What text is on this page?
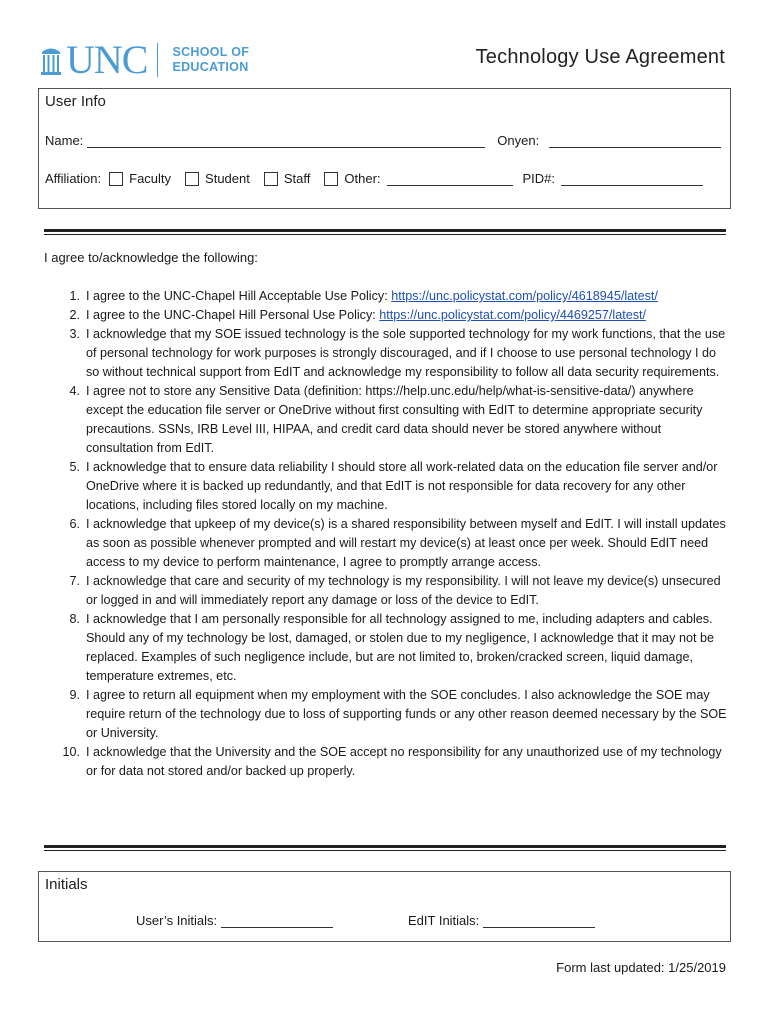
UNC SCHOOL OF
EDUCATION	Technology Use Agreement
User Info
Name:	Onyen:
Affiliation: Faculty	Student	Staff	Other:	PID#:
I agree to/acknowledge the following:
1. I agree to the UNC-Chapel Hill Acceptable Use Policy: https://unc.policystat.com/policy/4618945/latest/
2. I agree to the UNC-Chapel Hill Personal Use Policy: https://unc.policystat.com/policy/4469257/latest/
3. I acknowledge that my SOE issued technology is the sole supported technology for my work functions, that the use of personal technology for work purposes is strongly discouraged, and if I choose to use personal technology I do so without technical support from EdIT and acknowledge my responsibility to follow all data security requirements.
4. I agree not to store any Sensitive Data (definition: https://help.unc.edu/help/what-is-sensitive-data/) anywhere except the education file server or OneDrive without first consulting with EdIT to determine appropriate security precautions. SSNs, IRB Level III, HIPAA, and credit card data should never be stored anywhere without consultation from EdIT.
5. I acknowledge that to ensure data reliability I should store all work-related data on the education file server and/or OneDrive where it is backed up redundantly, and that EdIT is not responsible for data recovery for any other locations, including files stored locally on my machine.
6. I acknowledge that upkeep of my device(s) is a shared responsibility between myself and EdIT. I will install updates as soon as possible whenever prompted and will restart my device(s) at least once per week. Should EdIT need access to my device to perform maintenance, I agree to promptly arrange access.
7. I acknowledge that care and security of my technology is my responsibility. I will not leave my device(s) unsecured or logged in and will immediately report any damage or loss of the device to EdIT.
8. I acknowledge that I am personally responsible for all technology assigned to me, including adapters and cables. Should any of my technology be lost, damaged, or stolen due to my negligence, I acknowledge that it may not be replaced. Examples of such negligence include, but are not limited to, broken/cracked screen, liquid damage, temperature extremes, etc.
9. I agree to return all equipment when my employment with the SOE concludes. I also acknowledge the SOE may require return of the technology due to loss of supporting funds or any other reason deemed necessary by the SOE or University.
10. I acknowledge that the University and the SOE accept no responsibility for any unauthorized use of my technology or for data not stored and/or backed up properly.
Initials
User’s Initials:	EdIT Initials:
Form last updated: 1/25/2019
